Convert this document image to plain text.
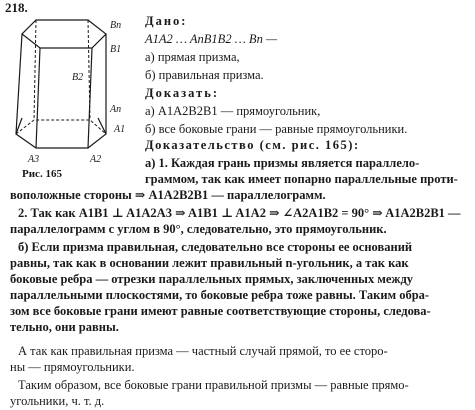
218.
Bn
B1
B2
A1
A2
A3
An
Рис. 165
Дано:
A1A2 … AnB1B2 … Bn —
а) прямая призма,
б) правильная призма.
Доказать:
а) A1A2B2B1 — прямоугольник,
б) все боковые грани — равные прямоугольники.
Доказательство (см. рис. 165):
а) 1. Каждая грань призмы является параллело-
граммом, так как имеет попарно параллельные проти-
воположные стороны ⇒ A1A2B2B1 — параллелограмм.
2. Так как A1B1 ⊥ A1A2A3 ⇒ A1B1 ⊥ A1A2 ⇒ ∠A2A1B2 = 90° ⇒ A1A2B2B1 —
параллелограмм с углом в 90°, следовательно, это прямоугольник.
б) Если призма правильная, следовательно все стороны ее оснований
равны, так как в основании лежит правильный n-угольник, а так как
боковые ребра — отрезки параллельных прямых, заключенных между
параллельными плоскостями, то боковые ребра тоже равны. Таким обра-
зом все боковые грани имеют равные соответствующие стороны, следова-
тельно, они равны.
А так как правильная призма — частный случай прямой, то ее сторо-
ны — прямоугольники.
Таким образом, все боковые грани правильной призмы — равные прямо-
угольники, ч. т. д.
